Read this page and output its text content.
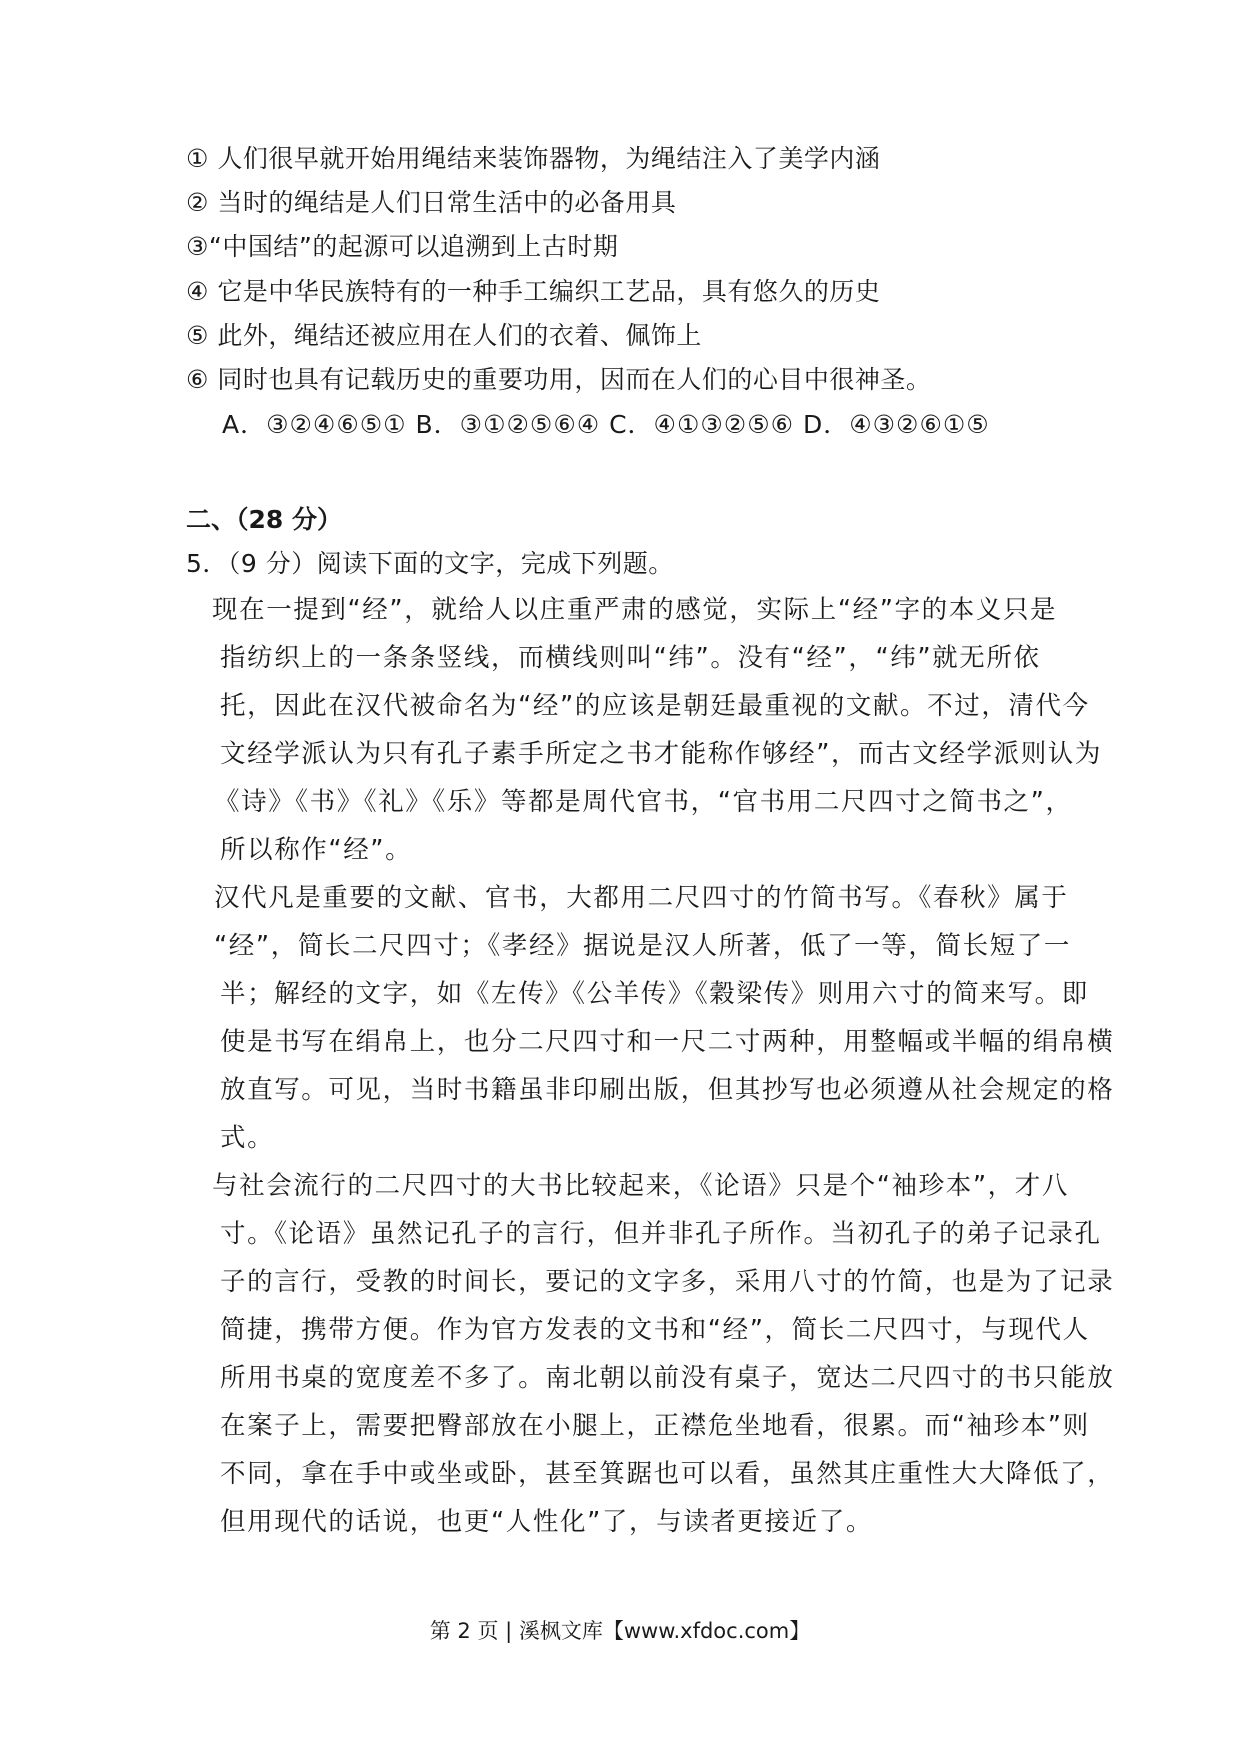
① 人们很早就开始用绳结来装饰器物，为绳结注入了美学内涵
② 当时的绳结是人们日常生活中的必备用具
③“中国结”的起源可以追溯到上古时期
④ 它是中华民族特有的一种手工编织工艺品，具有悠久的历史
⑤ 此外，绳结还被应用在人们的衣着、佩饰上
⑥ 同时也具有记载历史的重要功用，因而在人们的心目中很神圣。
A．③②④⑥⑤① B．③①②⑤⑥④ C．④①③②⑤⑥ D．④③②⑥①⑤
二、（28 分）
5．（9 分）阅读下面的文字，完成下列题。
现在一提到“经”，就给人以庄重严肃的感觉，实际上“经”字的本义只是
指纺织上的一条条竖线，而横线则叫“纬”。没有“经”，“纬”就无所依
托，因此在汉代被命名为“经”的应该是朝廷最重视的文献。不过，清代今
文经学派认为只有孔子素手所定之书才能称作够经”，而古文经学派则认为
《诗》《书》《礼》《乐》等都是周代官书，“官书用二尺四寸之简书之”，
所以称作“经”。
汉代凡是重要的文献、官书，大都用二尺四寸的竹简书写。《春秋》属于
“经”，简长二尺四寸；《孝经》据说是汉人所著，低了一等，简长短了一
半；解经的文字，如《左传》《公羊传》《穀梁传》则用六寸的简来写。即
使是书写在绢帛上，也分二尺四寸和一尺二寸两种，用整幅或半幅的绢帛横
放直写。可见，当时书籍虽非印刷出版，但其抄写也必须遵从社会规定的格
式。
与社会流行的二尺四寸的大书比较起来，《论语》只是个“袖珍本”，才八
寸。《论语》虽然记孔子的言行，但并非孔子所作。当初孔子的弟子记录孔
子的言行，受教的时间长，要记的文字多，采用八寸的竹简，也是为了记录
简捷，携带方便。作为官方发表的文书和“经”，简长二尺四寸，与现代人
所用书桌的宽度差不多了。南北朝以前没有桌子，宽达二尺四寸的书只能放
在案子上，需要把臀部放在小腿上，正襟危坐地看，很累。而“袖珍本”则
不同，拿在手中或坐或卧，甚至箕踞也可以看，虽然其庄重性大大降低了，
但用现代的话说，也更“人性化”了，与读者更接近了。
第 2 页 | 溪枫文库【www.xfdoc.com】
